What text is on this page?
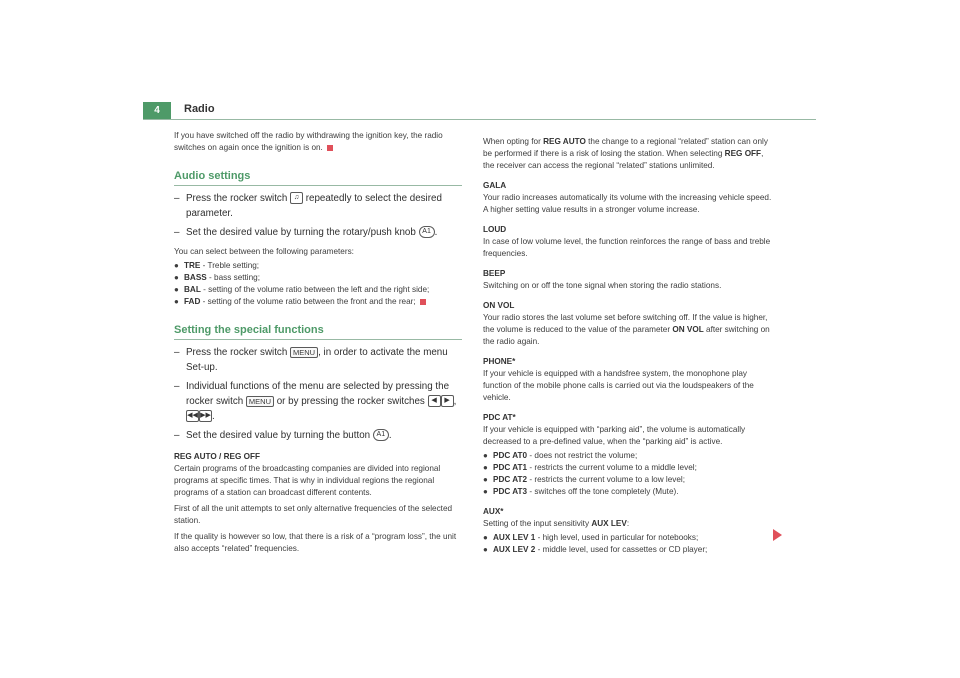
4	Radio

If you have switched off the radio by withdrawing the ignition key, the radio switches on again once the ignition is on.

Audio settings
– Press the rocker switch ♫ repeatedly to select the desired parameter.
– Set the desired value by turning the rotary/push knob A1 .

You can select between the following parameters:

● TRE - Treble setting;
● BASS - bass setting;
● BAL - setting of the volume ratio between the left and the right side;
● FAD - setting of the volume ratio between the front and the rear;
Setting the special functions
– Press the rocker switch MENU , in order to activate the menu Set-up.
– Individual functions of the menu are selected by pressing the rocker switch MENU or by pressing the rocker switches ◀ ▶ , ◀◀ ▶▶.
– Set the desired value by turning the button A1 .

REG AUTO / REG OFF

Certain programs of the broadcasting companies are divided into regional programs at specific times. That is why in individual regions the regional programs of a station can broadcast different contents.

First of all the unit attempts to set only alternative frequencies of the selected station.

If the quality is however so low, that there is a risk of a “program loss”, the unit also accepts “related” frequencies.

When opting for REG AUTO the change to a regional “related” station can only be performed if there is a risk of losing the station. When selecting REG OFF, the receiver can access the regional “related” stations unlimited.

GALA

Your radio increases automatically its volume with the increasing vehicle speed. A higher setting value results in a stronger volume increase.

LOUD

In case of low volume level, the function reinforces the range of bass and treble frequencies.

BEEP

Switching on or off the tone signal when storing the radio stations.

ON VOL

Your radio stores the last volume set before switching off. If the value is higher, the volume is reduced to the value of the parameter ON VOL after switching on the radio again.

PHONE*

If your vehicle is equipped with a handsfree system, the monophone play function of the mobile phone calls is carried out via the loudspeakers of the vehicle.

PDC AT*

If your vehicle is equipped with “parking aid”, the volume is automatically decreased to a pre-defined value, when the “parking aid” is active.

● PDC AT0 - does not restrict the volume;
● PDC AT1 - restricts the current volume to a middle level;
● PDC AT2 - restricts the current volume to a low level;
● PDC AT3 - switches off the tone completely (Mute).

AUX*

Setting of the input sensitivity AUX LEV:

● AUX LEV 1 - high level, used in particular for notebooks;
● AUX LEV 2 - middle level, used for cassettes or CD player;
